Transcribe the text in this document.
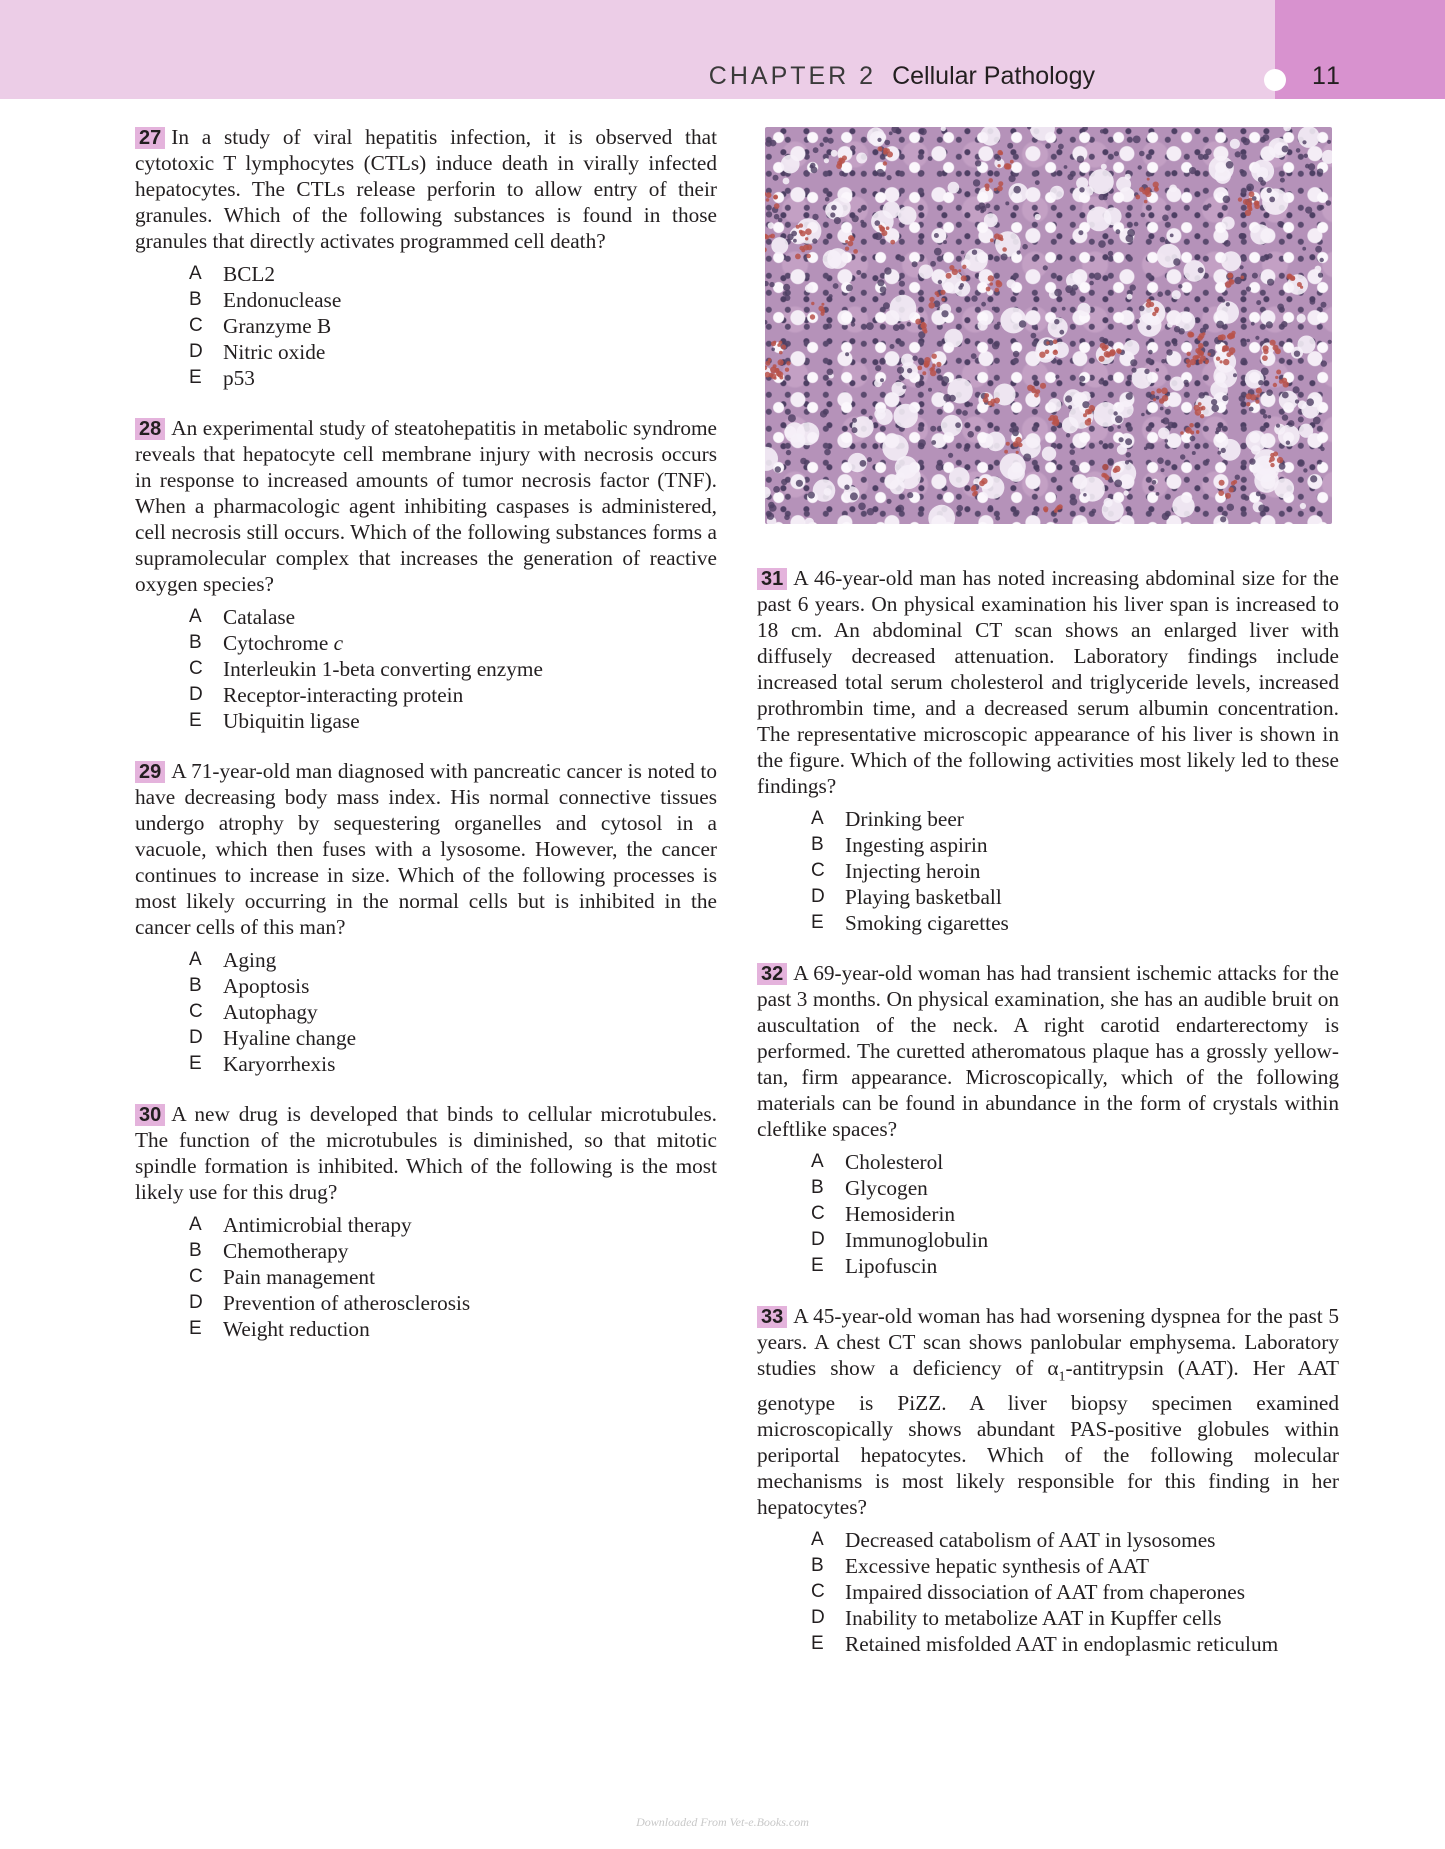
CHAPTER 2 Cellular Pathology	11
27 In a study of viral hepatitis infection, it is observed that cytotoxic T lymphocytes (CTLs) induce death in virally infected hepatocytes. The CTLs release perforin to allow entry of their granules. Which of the following substances is found in those granules that directly activates programmed cell death?
A	BCL2
B	Endonuclease
C Granzyme B
D Nitric oxide
E	p53
28 An experimental study of steatohepatitis in metabolic syndrome reveals that hepatocyte cell membrane injury with necrosis occurs in response to increased amounts of tumor necrosis factor (TNF). When a pharmacologic agent inhibiting caspases is administered, cell necrosis still occurs. Which of the following substances forms a supramolecular complex that increases the generation of reactive oxygen species?
A	Catalase
B	Cytochrome c
C Interleukin 1-beta converting enzyme
D Receptor-interacting protein
E	Ubiquitin ligase
29 A 71-year-old man diagnosed with pancreatic cancer is noted to have decreasing body mass index. His normal connective tissues undergo atrophy by sequestering organelles and cytosol in a vacuole, which then fuses with a lysosome. However, the cancer continues to increase in size. Which of the following processes is most likely occurring in the normal cells but is inhibited in the cancer cells of this man?
A	Aging
B	Apoptosis
C Autophagy
D Hyaline change
E	Karyorrhexis
30 A new drug is developed that binds to cellular microtubules. The function of the microtubules is diminished, so that mitotic spindle formation is inhibited. Which of the following is the most likely use for this drug?
A	Antimicrobial therapy
B	Chemotherapy
C Pain management
D Prevention of atherosclerosis
E	Weight reduction
31 A 46-year-old man has noted increasing abdominal size for the past 6 years. On physical examination his liver span is increased to 18 cm. An abdominal CT scan shows an enlarged liver with diffusely decreased attenuation. Laboratory findings include increased total serum cholesterol and triglyceride levels, increased prothrombin time, and a decreased serum albumin concentration. The representative microscopic appearance of his liver is shown in the figure. Which of the following activities most likely led to these findings?
A	Drinking beer
B	Ingesting aspirin
C Injecting heroin
D Playing basketball
E	Smoking cigarettes
32 A 69-year-old woman has had transient ischemic attacks for the past 3 months. On physical examination, she has an audible bruit on auscultation of the neck. A right carotid endarterectomy is performed. The curetted atheromatous plaque has a grossly yellow-tan, firm appearance. Microscopically, which of the following materials can be found in abundance in the form of crystals within cleftlike spaces?
A	Cholesterol
B	Glycogen
C Hemosiderin
D Immunoglobulin
E	Lipofuscin
33 A 45-year-old woman has had worsening dyspnea for the past 5 years. A chest CT scan shows panlobular emphysema. Laboratory studies show a deficiency of $\alpha_1$-antitrypsin (AAT). Her AAT genotype is PiZZ. A liver biopsy specimen examined microscopically shows abundant PAS-positive globules within periportal hepatocytes. Which of the following molecular mechanisms is most likely responsible for this finding in her hepatocytes?
A	Decreased catabolism of AAT in lysosomes
B	Excessive hepatic synthesis of AAT
C Impaired dissociation of AAT from chaperones
D Inability to metabolize AAT in Kupffer cells
E	Retained misfolded AAT in endoplasmic reticulum
Downloaded From Vet-e.Books.com
